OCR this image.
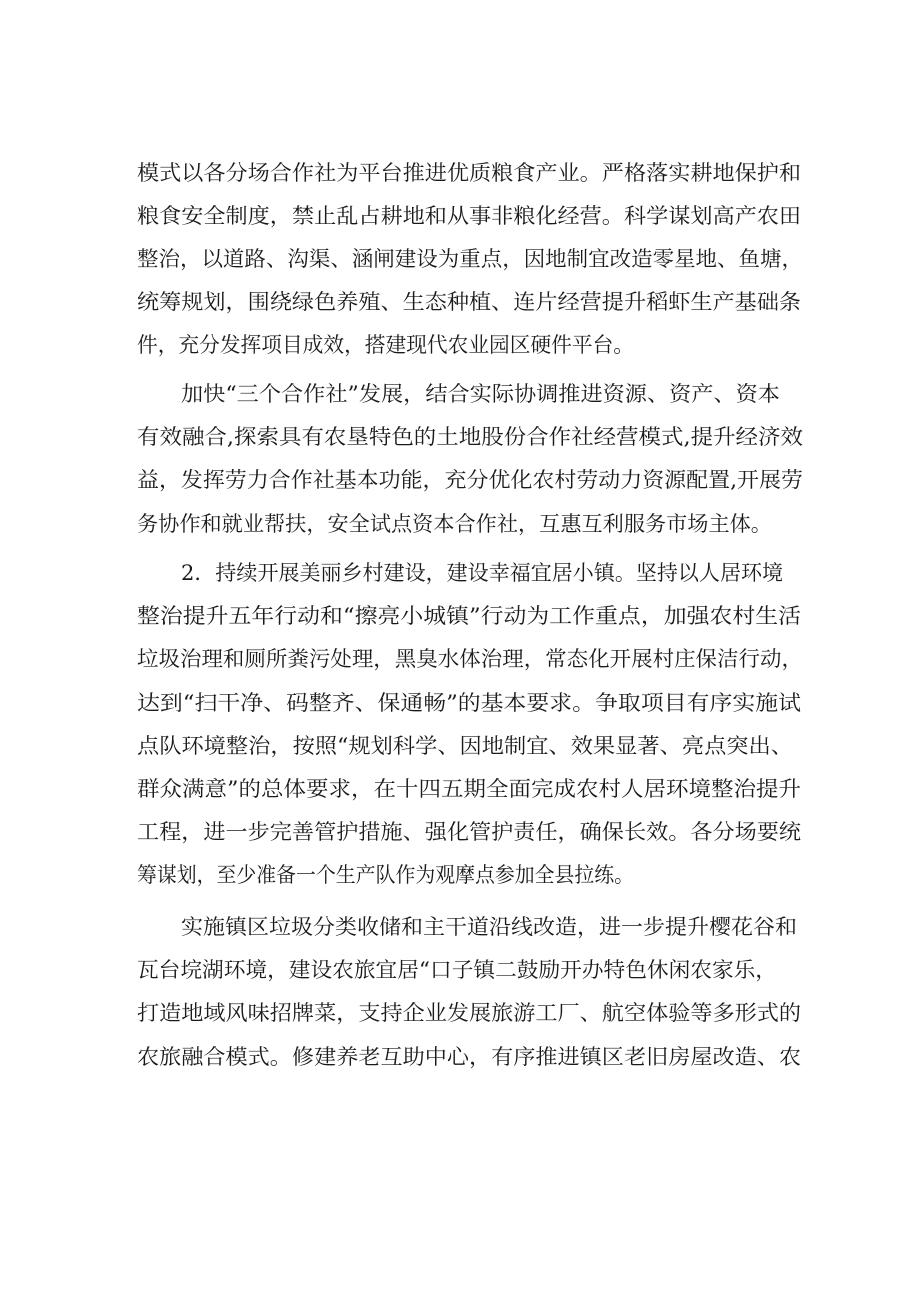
模式以各分场合作社为平台推进优质粮食产业。严格落实耕地保护和
粮食安全制度，禁止乱占耕地和从事非粮化经营。科学谋划高产农田
整治，以道路、沟渠、涵闸建设为重点，因地制宜改造零星地、鱼塘，
统筹规划，围绕绿色养殖、生态种植、连片经营提升稻虾生产基础条
件，充分发挥项目成效，搭建现代农业园区硬件平台。
加快“三个合作社”发展，结合实际协调推进资源、资产、资本
有效融合,探索具有农垦特色的土地股份合作社经营模式,提升经济效
益，发挥劳力合作社基本功能，充分优化农村劳动力资源配置,开展劳
务协作和就业帮扶，安全试点资本合作社，互惠互利服务市场主体。
2．持续开展美丽乡村建设，建设幸福宜居小镇。坚持以人居环境
整治提升五年行动和“擦亮小城镇”行动为工作重点，加强农村生活
垃圾治理和厕所粪污处理，黑臭水体治理，常态化开展村庄保洁行动，
达到“扫干净、码整齐、保通畅”的基本要求。争取项目有序实施试
点队环境整治，按照“规划科学、因地制宜、效果显著、亮点突出、
群众满意”的总体要求，在十四五期全面完成农村人居环境整治提升
工程，进一步完善管护措施、强化管护责任，确保长效。各分场要统
筹谋划，至少准备一个生产队作为观摩点参加全县拉练。
实施镇区垃圾分类收储和主干道沿线改造，进一步提升樱花谷和
瓦台垸湖环境，建设农旅宜居“口子镇二鼓励开办特色休闲农家乐，
打造地域风味招牌菜，支持企业发展旅游工厂、航空体验等多形式的
农旅融合模式。修建养老互助中心，有序推进镇区老旧房屋改造、农
